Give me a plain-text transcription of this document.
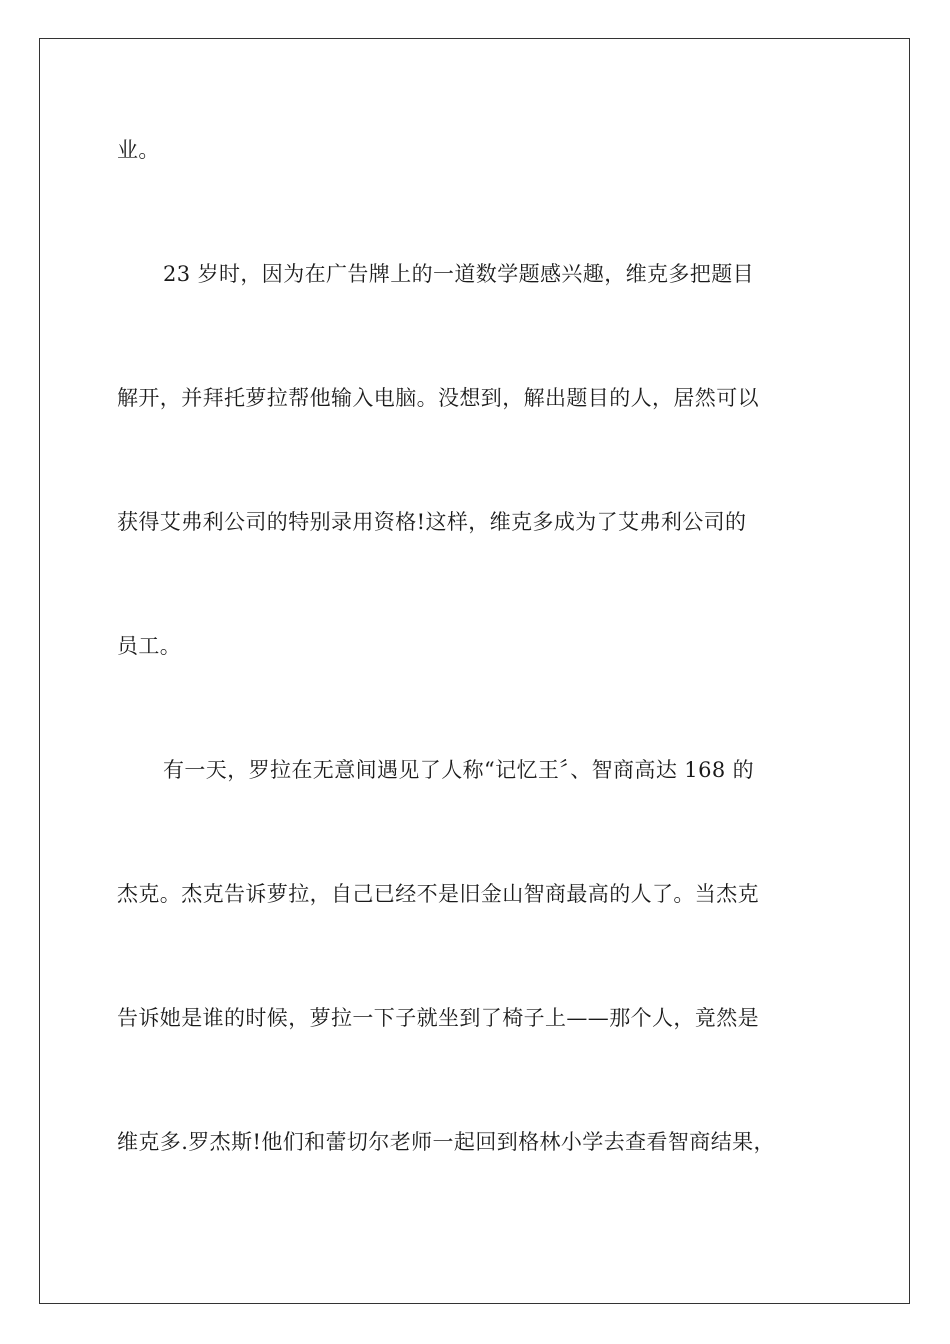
业。
23 岁时，因为在广告牌上的一道数学题感兴趣，维克多把题目
解开，并拜托萝拉帮他输入电脑。没想到，解出题目的人，居然可以
获得艾弗利公司的特别录用资格!这样，维克多成为了艾弗利公司的
员工。
有一天，罗拉在无意间遇见了人称“记忆王〞、智商高达 168 的
杰克。杰克告诉萝拉，自己已经不是旧金山智商最高的人了。当杰克
告诉她是谁的时候，萝拉一下子就坐到了椅子上——那个人，竟然是
维克多.罗杰斯!他们和蕾切尔老师一起回到格林小学去查看智商结果，
